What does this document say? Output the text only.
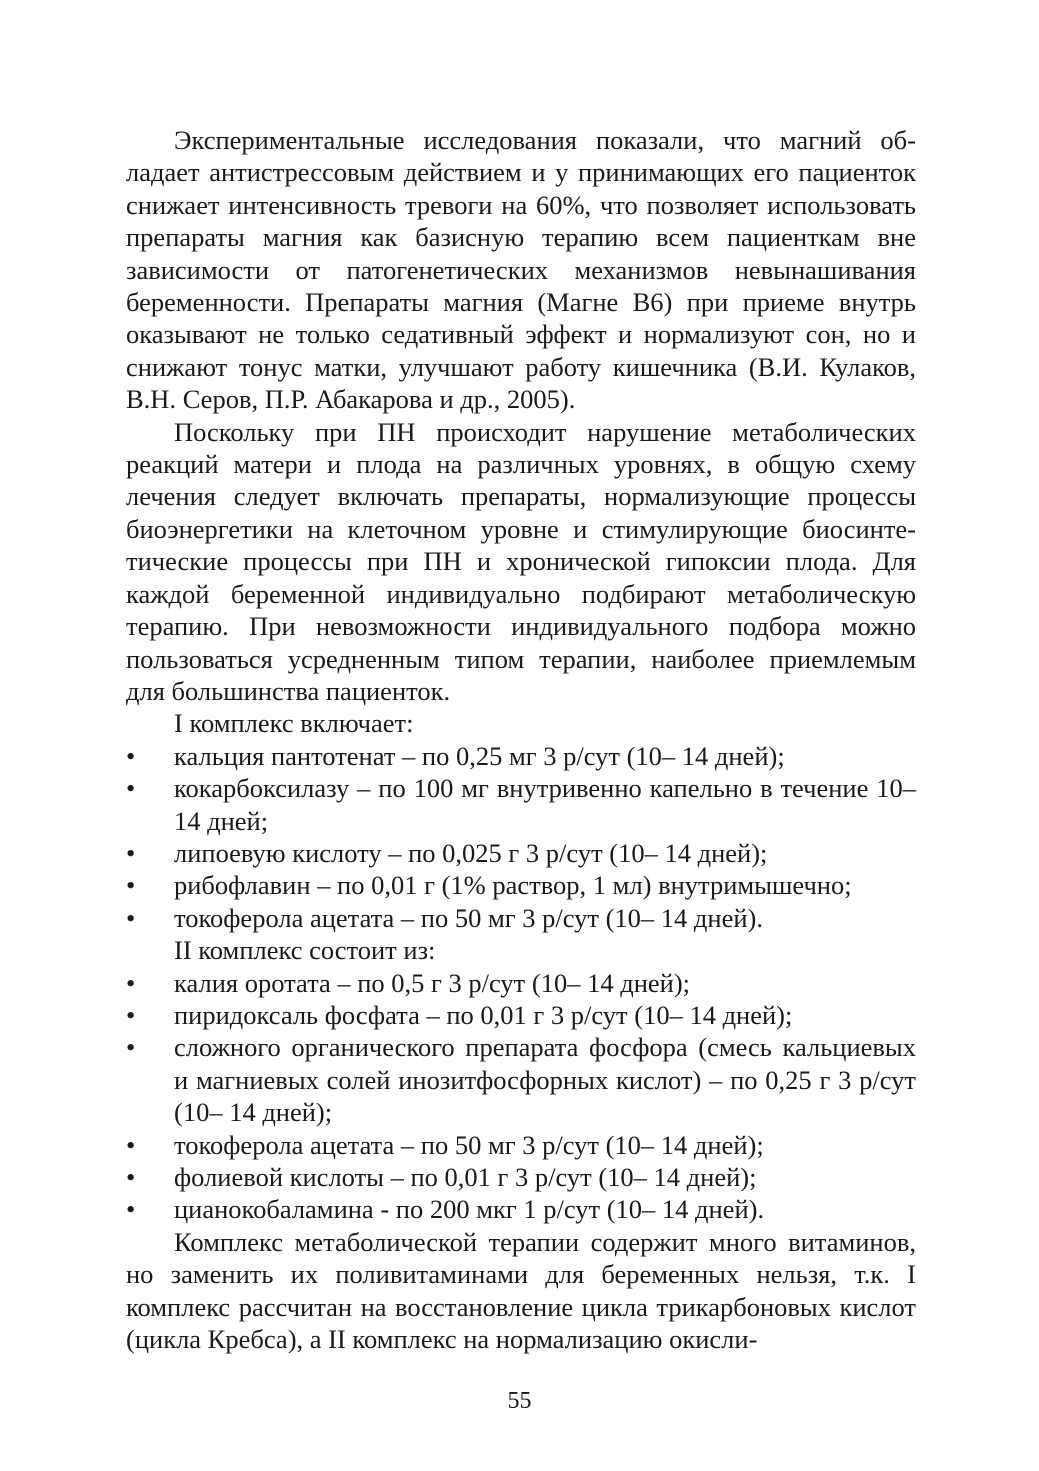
Экспериментальные исследования показали, что магний обладает антистрессовым действием и у принимающих его пациенток снижает интенсивность тревоги на 60%, что позволяет использовать препараты магния как базисную терапию всем пациенткам вне зависимости от патогенетических механизмов невынашивания беременности. Препараты магния (Магне В6) при приеме внутрь оказывают не только седативный эффект и нормализуют сон, но и снижают тонус матки, улучшают работу кишечника (В.И. Кулаков, В.Н. Серов, П.Р. Абакарова и др., 2005).

Поскольку при ПН происходит нарушение метаболических реакций матери и плода на различных уровнях, в общую схему лечения следует включать препараты, нормализующие процессы биоэнергетики на клеточном уровне и стимулирующие биосинтетические процессы при ПН и хронической гипоксии плода. Для каждой беременной индивидуально подбирают метаболическую терапию. При невозможности индивидуального подбора можно пользоваться усредненным типом терапии, наиболее приемлемым для большинства пациенток.

I комплекс включает:

• кальция пантотенат – по 0,25 мг 3 р/сут (10– 14 дней);
• кокарбоксилазу – по 100 мг внутривенно капельно в течение 10– 14 дней;
• липоевую кислоту – по 0,025 г 3 р/сут (10– 14 дней);
• рибофлавин – по 0,01 г (1% раствор, 1 мл) внутримышечно;
• токоферола ацетата – по 50 мг 3 р/сут (10– 14 дней).

II комплекс состоит из:

• калия оротата – по 0,5 г 3 р/сут (10– 14 дней);
• пиридоксаль фосфата – по 0,01 г 3 р/сут (10– 14 дней);
• сложного органического препарата фосфора (смесь кальциевых и магниевых солей инозитфосфорных кислот) – по 0,25 г 3 р/сут (10– 14 дней);
• токоферола ацетата – по 50 мг 3 р/сут (10– 14 дней);
• фолиевой кислоты – по 0,01 г 3 р/сут (10– 14 дней);
• цианокобаламина - по 200 мкг 1 р/сут (10– 14 дней).

Комплекс метаболической терапии содержит много витаминов, но заменить их поливитаминами для беременных нельзя, т.к. I комплекс рассчитан на восстановление цикла трикарбоновых кислот (цикла Кребса), а II комплекс на нормализацию окисли-

55
